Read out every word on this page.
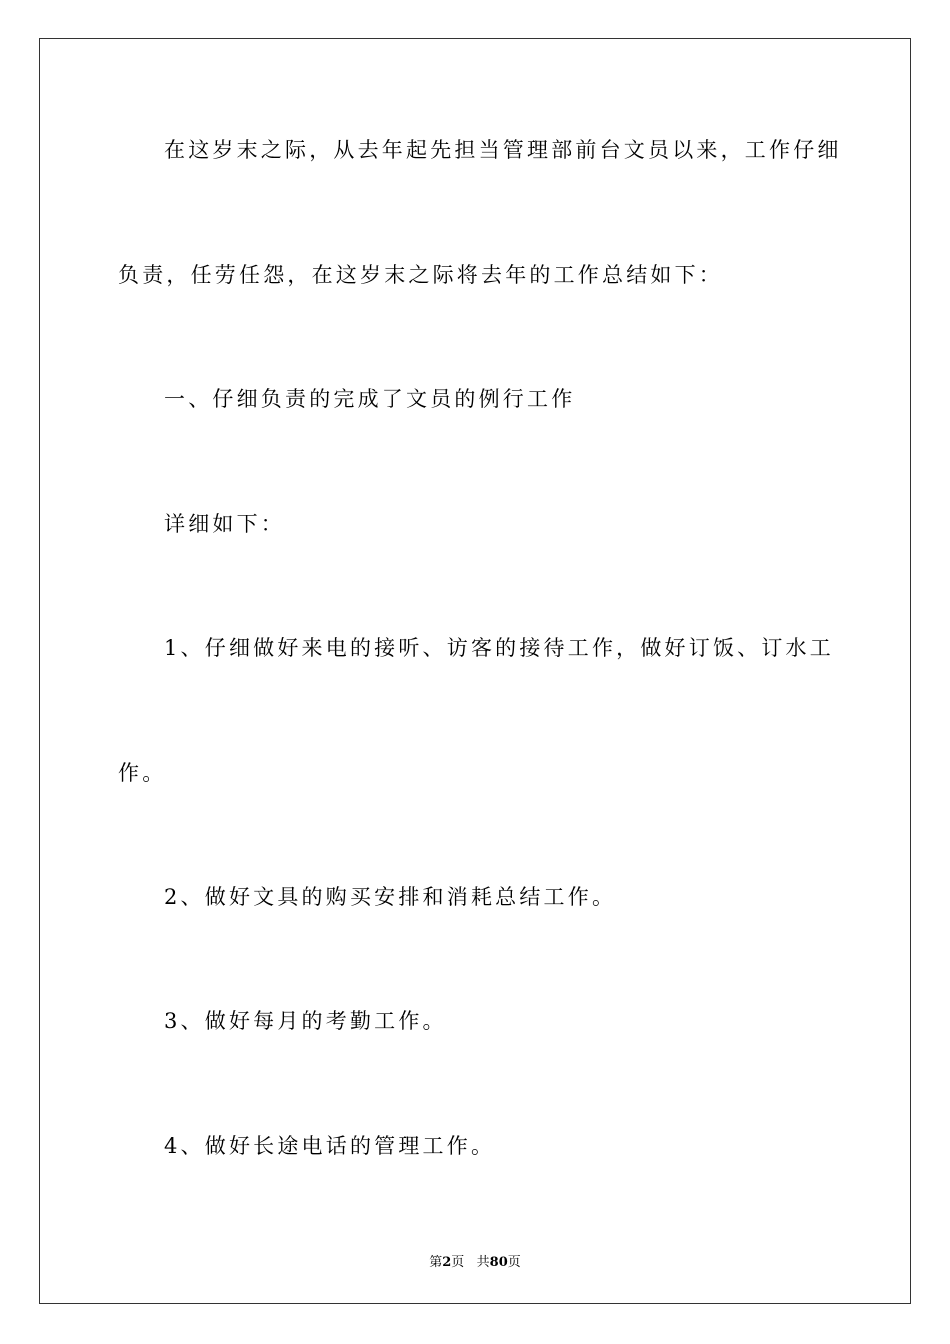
在这岁末之际，从去年起先担当管理部前台文员以来，工作仔细
负责，任劳任怨，在这岁末之际将去年的工作总结如下：
一、仔细负责的完成了文员的例行工作
详细如下：
1、仔细做好来电的接听、访客的接待工作，做好订饭、订水工
作。
2、做好文具的购买安排和消耗总结工作。
3、做好每月的考勤工作。
4、做好长途电话的管理工作。
第2页   共80页
